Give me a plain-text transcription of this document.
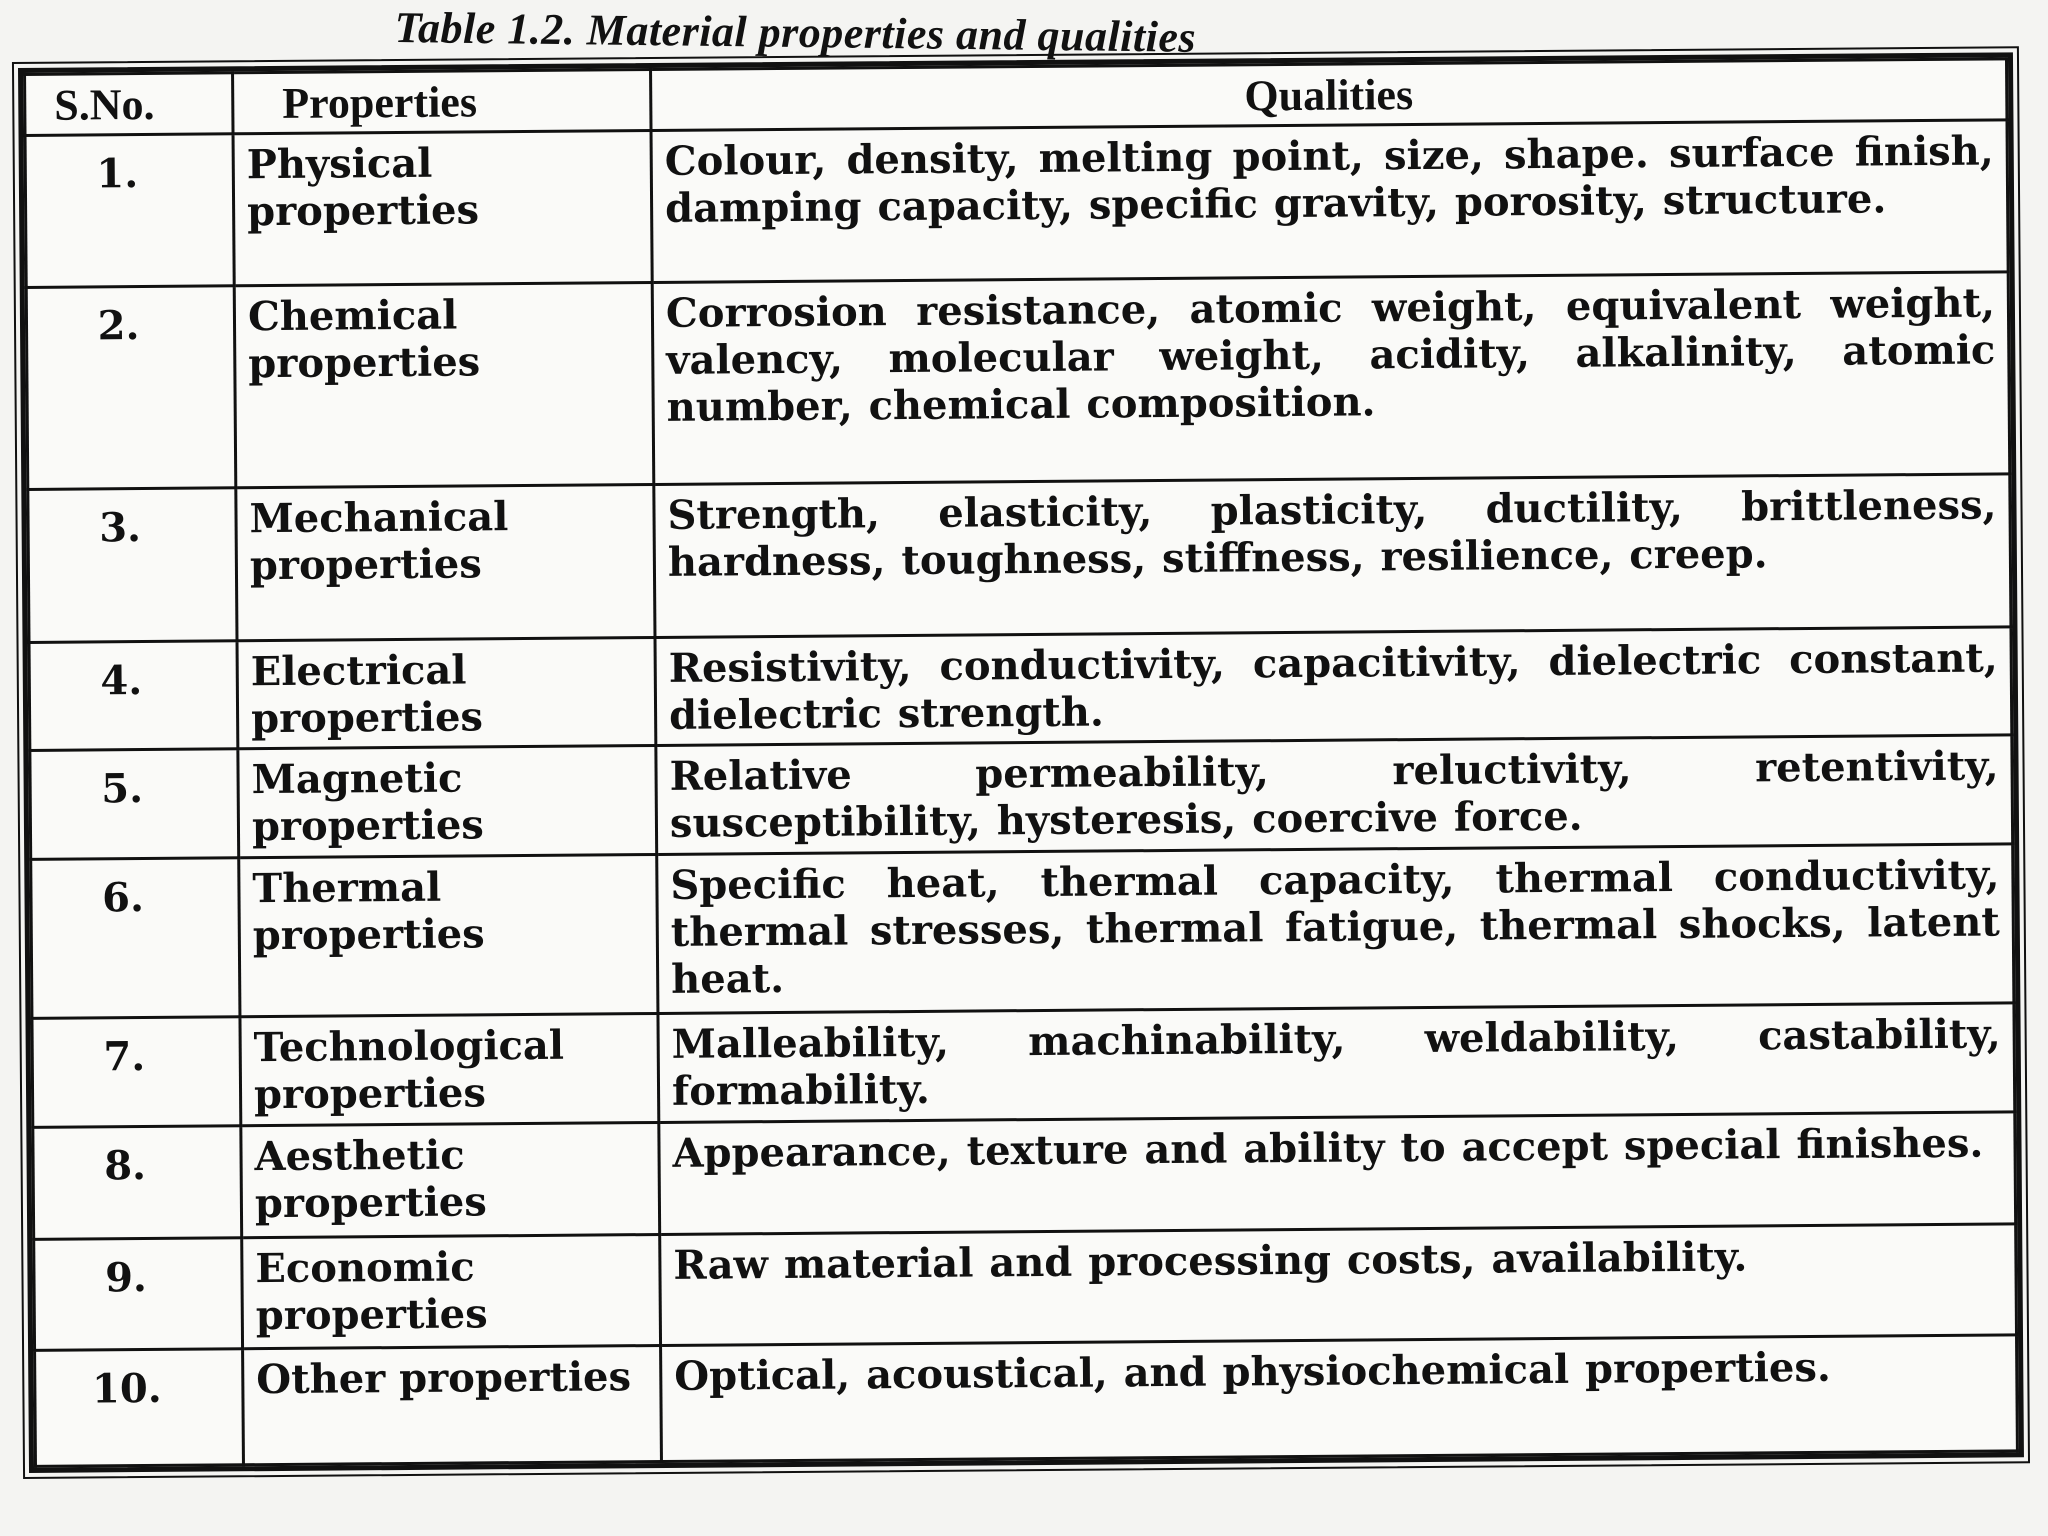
Table 1.2. Material properties and qualities
S.No.	Properties	Qualities
1.	Physical properties	Colour, density, melting point, size, shape. surface finish, damping capacity, specific gravity, porosity, structure.
2.	Chemical properties	Corrosion resistance, atomic weight, equivalent weight, valency, molecular weight, acidity, alkalinity, atomic number, chemical composition.
3.	Mechanical properties	Strength, elasticity, plasticity, ductility, brittleness, hardness, toughness, stiffness, resilience, creep.
4.	Electrical properties	Resistivity, conductivity, capacitivity, dielectric constant, dielectric strength.
5.	Magnetic properties	Relative permeability, reluctivity, retentivity, susceptibility, hysteresis, coercive force.
6.	Thermal properties	Specific heat, thermal capacity, thermal conductivity, thermal stresses, thermal fatigue, thermal shocks, latent heat.
7.	Technological properties	Malleability, machinability, weldability, castability, formability.
8.	Aesthetic properties	Appearance, texture and ability to accept special finishes.
9.	Economic properties	Raw material and processing costs, availability.
10.	Other properties	Optical, acoustical, and physiochemical properties.
